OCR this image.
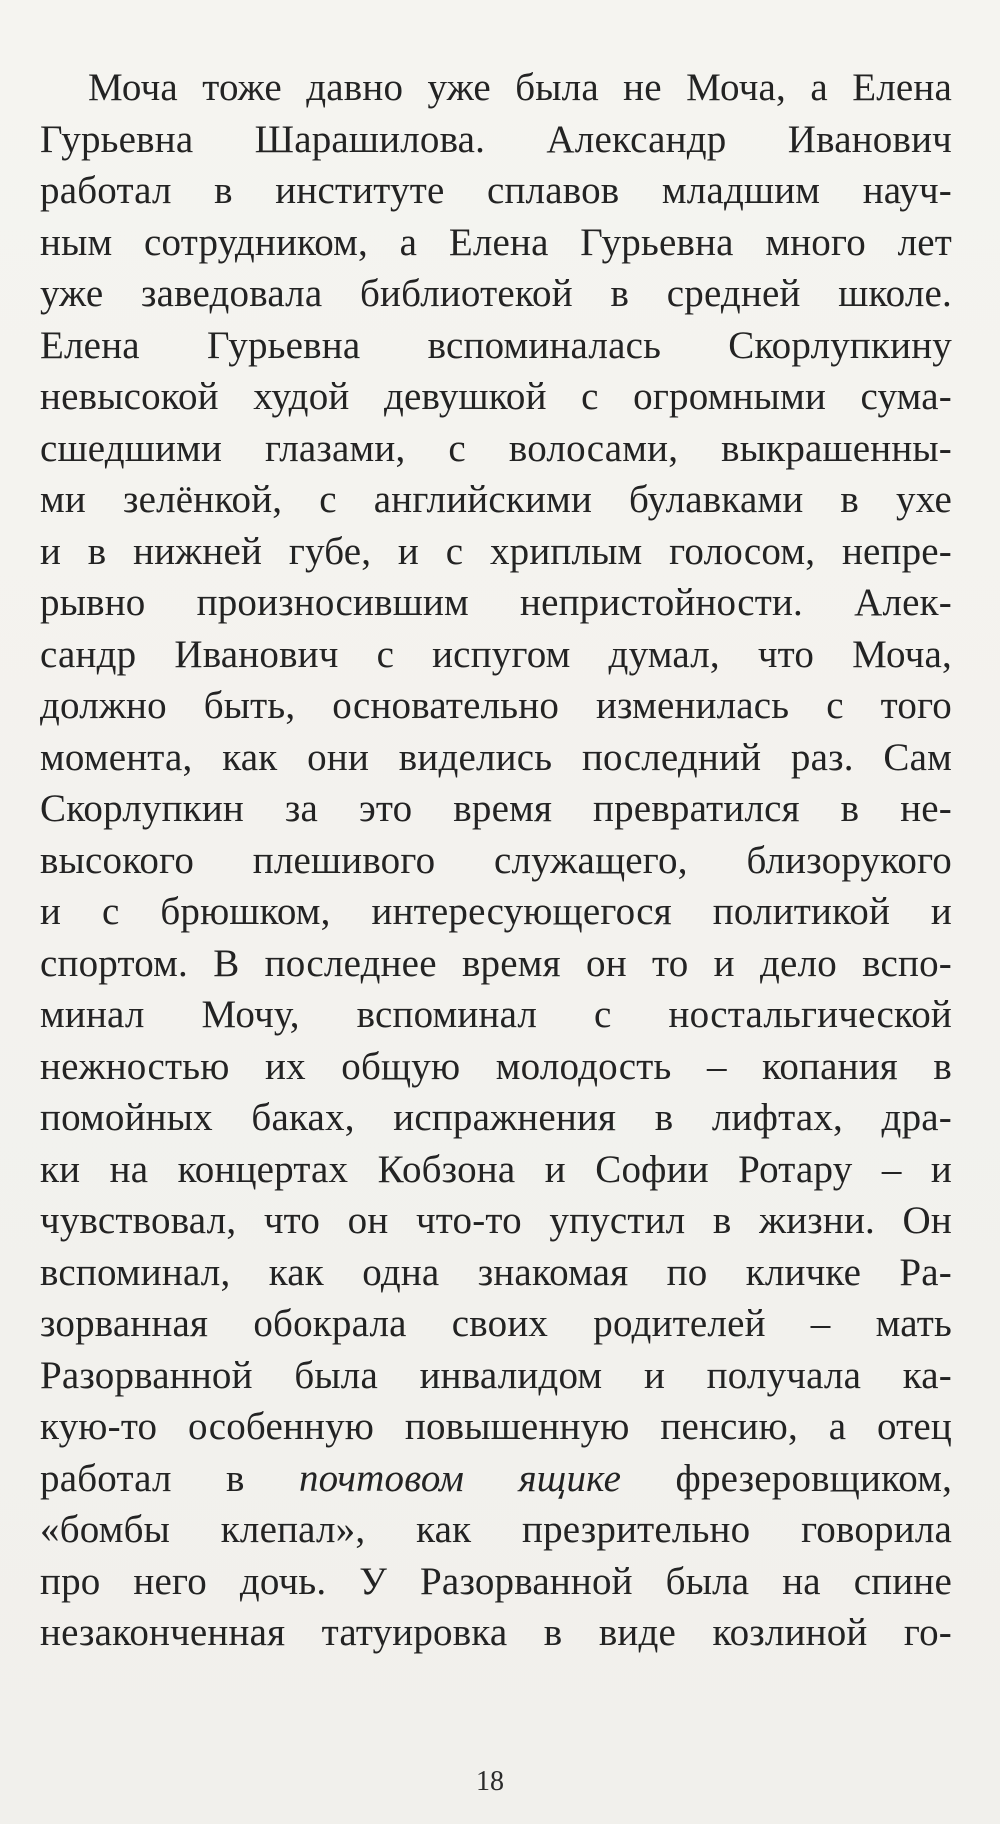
Моча тоже давно уже была не Моча, а Елена
Гурьевна Шарашилова. Александр Иванович
работал в институте сплавов младшим науч-
ным сотрудником, а Елена Гурьевна много лет
уже заведовала библиотекой в средней школе.
Елена Гурьевна вспоминалась Скорлупкину
невысокой худой девушкой с огромными сума-
сшедшими глазами, с волосами, выкрашенны-
ми зелёнкой, с английскими булавками в ухе
и в нижней губе, и с хриплым голосом, непре-
рывно произносившим непристойности. Алек-
сандр Иванович с испугом думал, что Моча,
должно быть, основательно изменилась с того
момента, как они виделись последний раз. Сам
Скорлупкин за это время превратился в не-
высокого плешивого служащего, близорукого
и с брюшком, интересующегося политикой и
спортом. В последнее время он то и дело вспо-
минал Мочу, вспоминал с ностальгической
нежностью их общую молодость – копания в
помойных баках, испражнения в лифтах, дра-
ки на концертах Кобзона и Софии Ротару – и
чувствовал, что он что-то упустил в жизни. Он
вспоминал, как одна знакомая по кличке Ра-
зорванная обокрала своих родителей – мать
Разорванной была инвалидом и получала ка-
кую-то особенную повышенную пенсию, а отец
работал в почтовом ящике фрезеровщиком,
«бомбы клепал», как презрительно говорила
про него дочь. У Разорванной была на спине
незаконченная татуировка в виде козлиной го-
18
